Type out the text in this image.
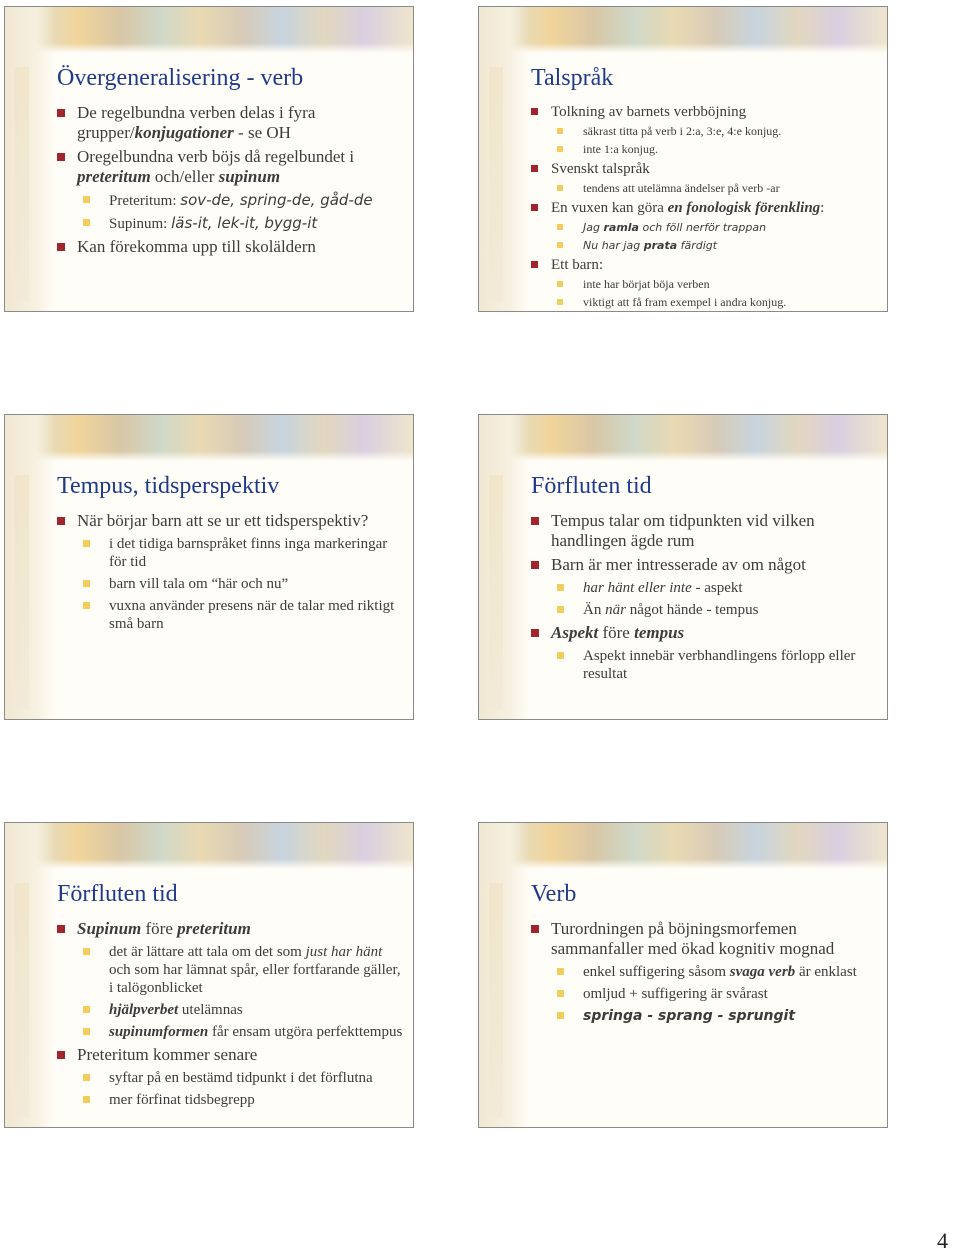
Övergeneralisering - verb
De regelbundna verben delas i fyra grupper/konjugationer - se OH
Oregelbundna verb böjs då regelbundet i preteritum och/eller supinum
Preteritum: sov-de, spring-de, gåd-de
Supinum: läs-it, lek-it, bygg-it
Kan förekomma upp till skoläldern
Talspråk
Tolkning av barnets verbböjning
säkrast titta på verb i 2:a, 3:e, 4:e konjug.
inte 1:a konjug.
Svenskt talspråk
tendens att utelämna ändelser på verb -ar
En vuxen kan göra en fonologisk förenkling:
Jag ramla och föll nerför trappan
Nu har jag prata färdigt
Ett barn:
inte har börjat böja verben
viktigt att få fram exempel i andra konjug.
Tempus, tidsperspektiv
När börjar barn att se ur ett tidsperspektiv?
i det tidiga barnspråket finns inga markeringar för tid
barn vill tala om “här och nu”
vuxna använder presens när de talar med riktigt små barn
Förfluten tid
Tempus talar om tidpunkten vid vilken handlingen ägde rum
Barn är mer intresserade av om något
har hänt eller inte - aspekt
Än när något hände - tempus
Aspekt före tempus
Aspekt innebär verbhandlingens förlopp eller resultat
Förfluten tid
Supinum före preteritum
det är lättare att tala om det som just har hänt och som har lämnat spår, eller fortfarande gäller, i talögonblicket
hjälpverbet utelämnas
supinumformen får ensam utgöra perfekttempus
Preteritum kommer senare
syftar på en bestämd tidpunkt i det förflutna
mer förfinat tidsbegrepp
Verb
Turordningen på böjningsmorfemen sammanfaller med ökad kognitiv mognad
enkel suffigering såsom svaga verb är enklast
omljud + suffigering är svårast
springa - sprang - sprungit
4
